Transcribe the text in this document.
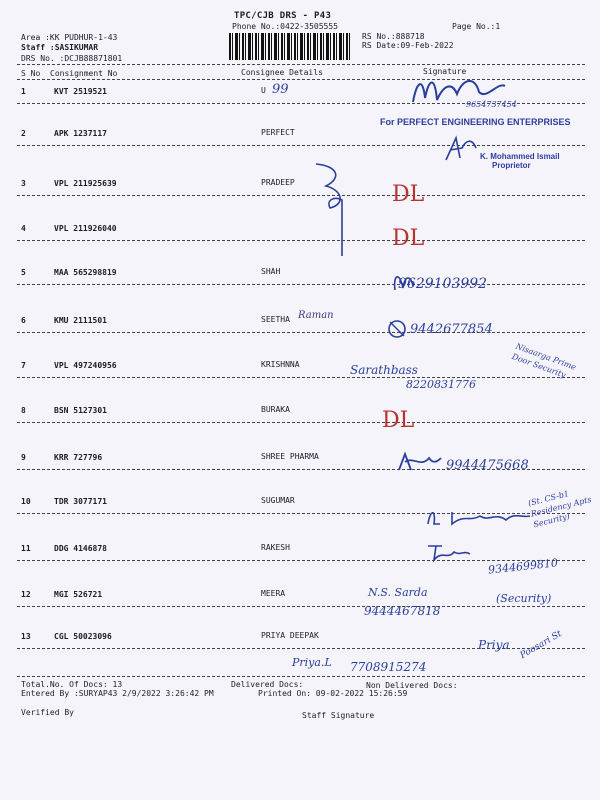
TPC/CJB DRS - P43
Phone No.:0422-3505555	Page No.:1
Area :KK PUDHUR-1-43
Staff :SASIKUMAR
DRS No. :DCJB88871801
RS No.:888718
RS Date:09-Feb-2022
S No Consignment No	Consignee Details	Signature
1	KVT 2519521	U
2	APK 1237117	PERFECT
3	VPL 211925639	PRADEEP
4	VPL 211926040
5	MAA 565298819	SHAH
6	KMU 2111501	SEETHA
7	VPL 497240956	KRISHNNA
8	BSN 5127301	BURAKA
9	KRR 727796	SHREE PHARMA
10	TDR 3077171	SUGUMAR
11	DDG 4146878	RAKESH
12	MGI 526721	MEERA
13	CGL 50023096	PRIYA DEEPAK
99
9654737454
For PERFECT ENGINEERING ENTERPRISES
K. Mohammed Ismail
Proprietor
DL
DL
9629103992
Raman
9442677854
Sarathbass
8220831776
Nisaarga Prime Door Security
DL
9944475668
(St. CS-b1 Residency Apts Security)
9344699810
N.S. Sarda
9444467818
(Security)
Priya Poosari St
Priya.L 7708915274
Total.No. Of Docs: 13	Delivered Docs:	Non Delivered Docs:
Entered By :SURYAP43 2/9/2022 3:26:42 PM	Printed On: 09-02-2022 15:26:59
Verified By	Staff Signature
